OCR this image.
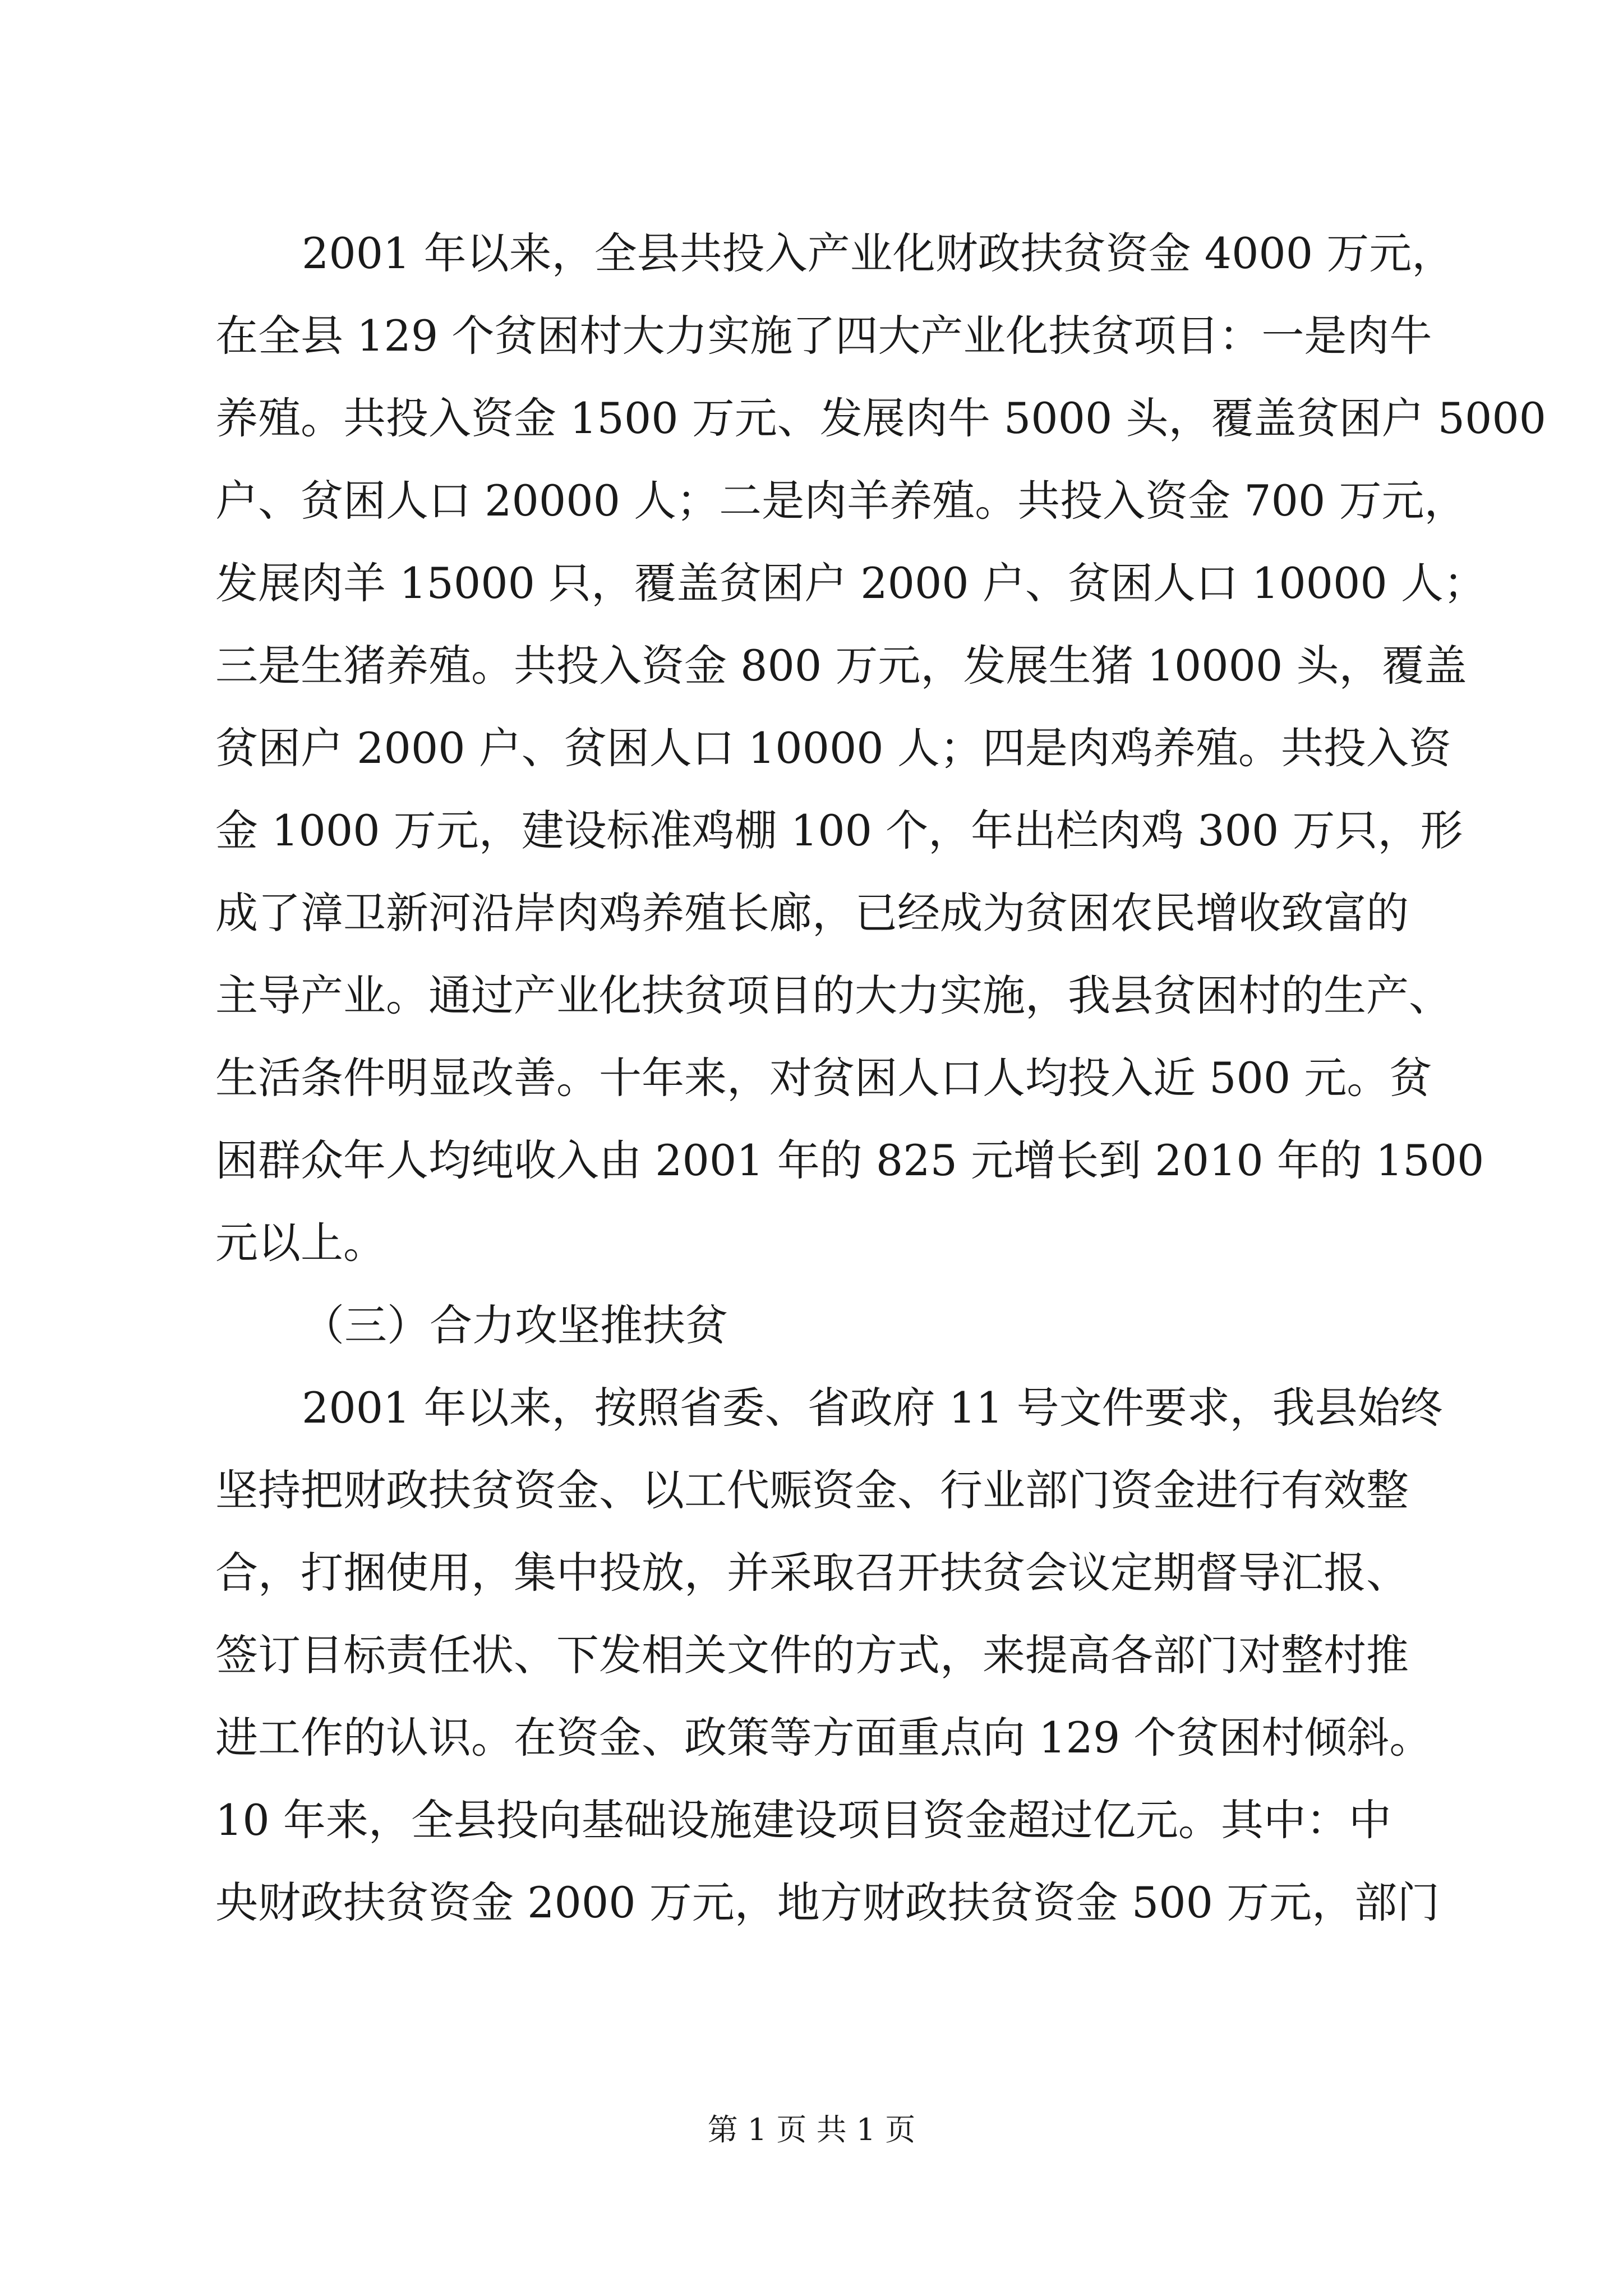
2001 年以来，全县共投入产业化财政扶贫资金 4000 万元，
在全县 129 个贫困村大力实施了四大产业化扶贫项目：一是肉牛
养殖。共投入资金 1500 万元、发展肉牛 5000 头，覆盖贫困户 5000
户、贫困人口 20000 人；二是肉羊养殖。共投入资金 700 万元，
发展肉羊 15000 只，覆盖贫困户 2000 户、贫困人口 10000 人；
三是生猪养殖。共投入资金 800 万元，发展生猪 10000 头，覆盖
贫困户 2000 户、贫困人口 10000 人；四是肉鸡养殖。共投入资
金 1000 万元，建设标准鸡棚 100 个，年出栏肉鸡 300 万只，形
成了漳卫新河沿岸肉鸡养殖长廊，已经成为贫困农民增收致富的
主导产业。通过产业化扶贫项目的大力实施，我县贫困村的生产、
生活条件明显改善。十年来，对贫困人口人均投入近 500 元。贫
困群众年人均纯收入由 2001 年的 825 元增长到 2010 年的 1500
元以上。
（三）合力攻坚推扶贫
2001 年以来，按照省委、省政府 11 号文件要求，我县始终
坚持把财政扶贫资金、以工代赈资金、行业部门资金进行有效整
合，打捆使用，集中投放，并采取召开扶贫会议定期督导汇报、
签订目标责任状、下发相关文件的方式，来提高各部门对整村推
进工作的认识。在资金、政策等方面重点向 129 个贫困村倾斜。
10 年来，全县投向基础设施建设项目资金超过亿元。其中：中
央财政扶贫资金 2000 万元，地方财政扶贫资金 500 万元，部门
第 1 页 共 1 页
